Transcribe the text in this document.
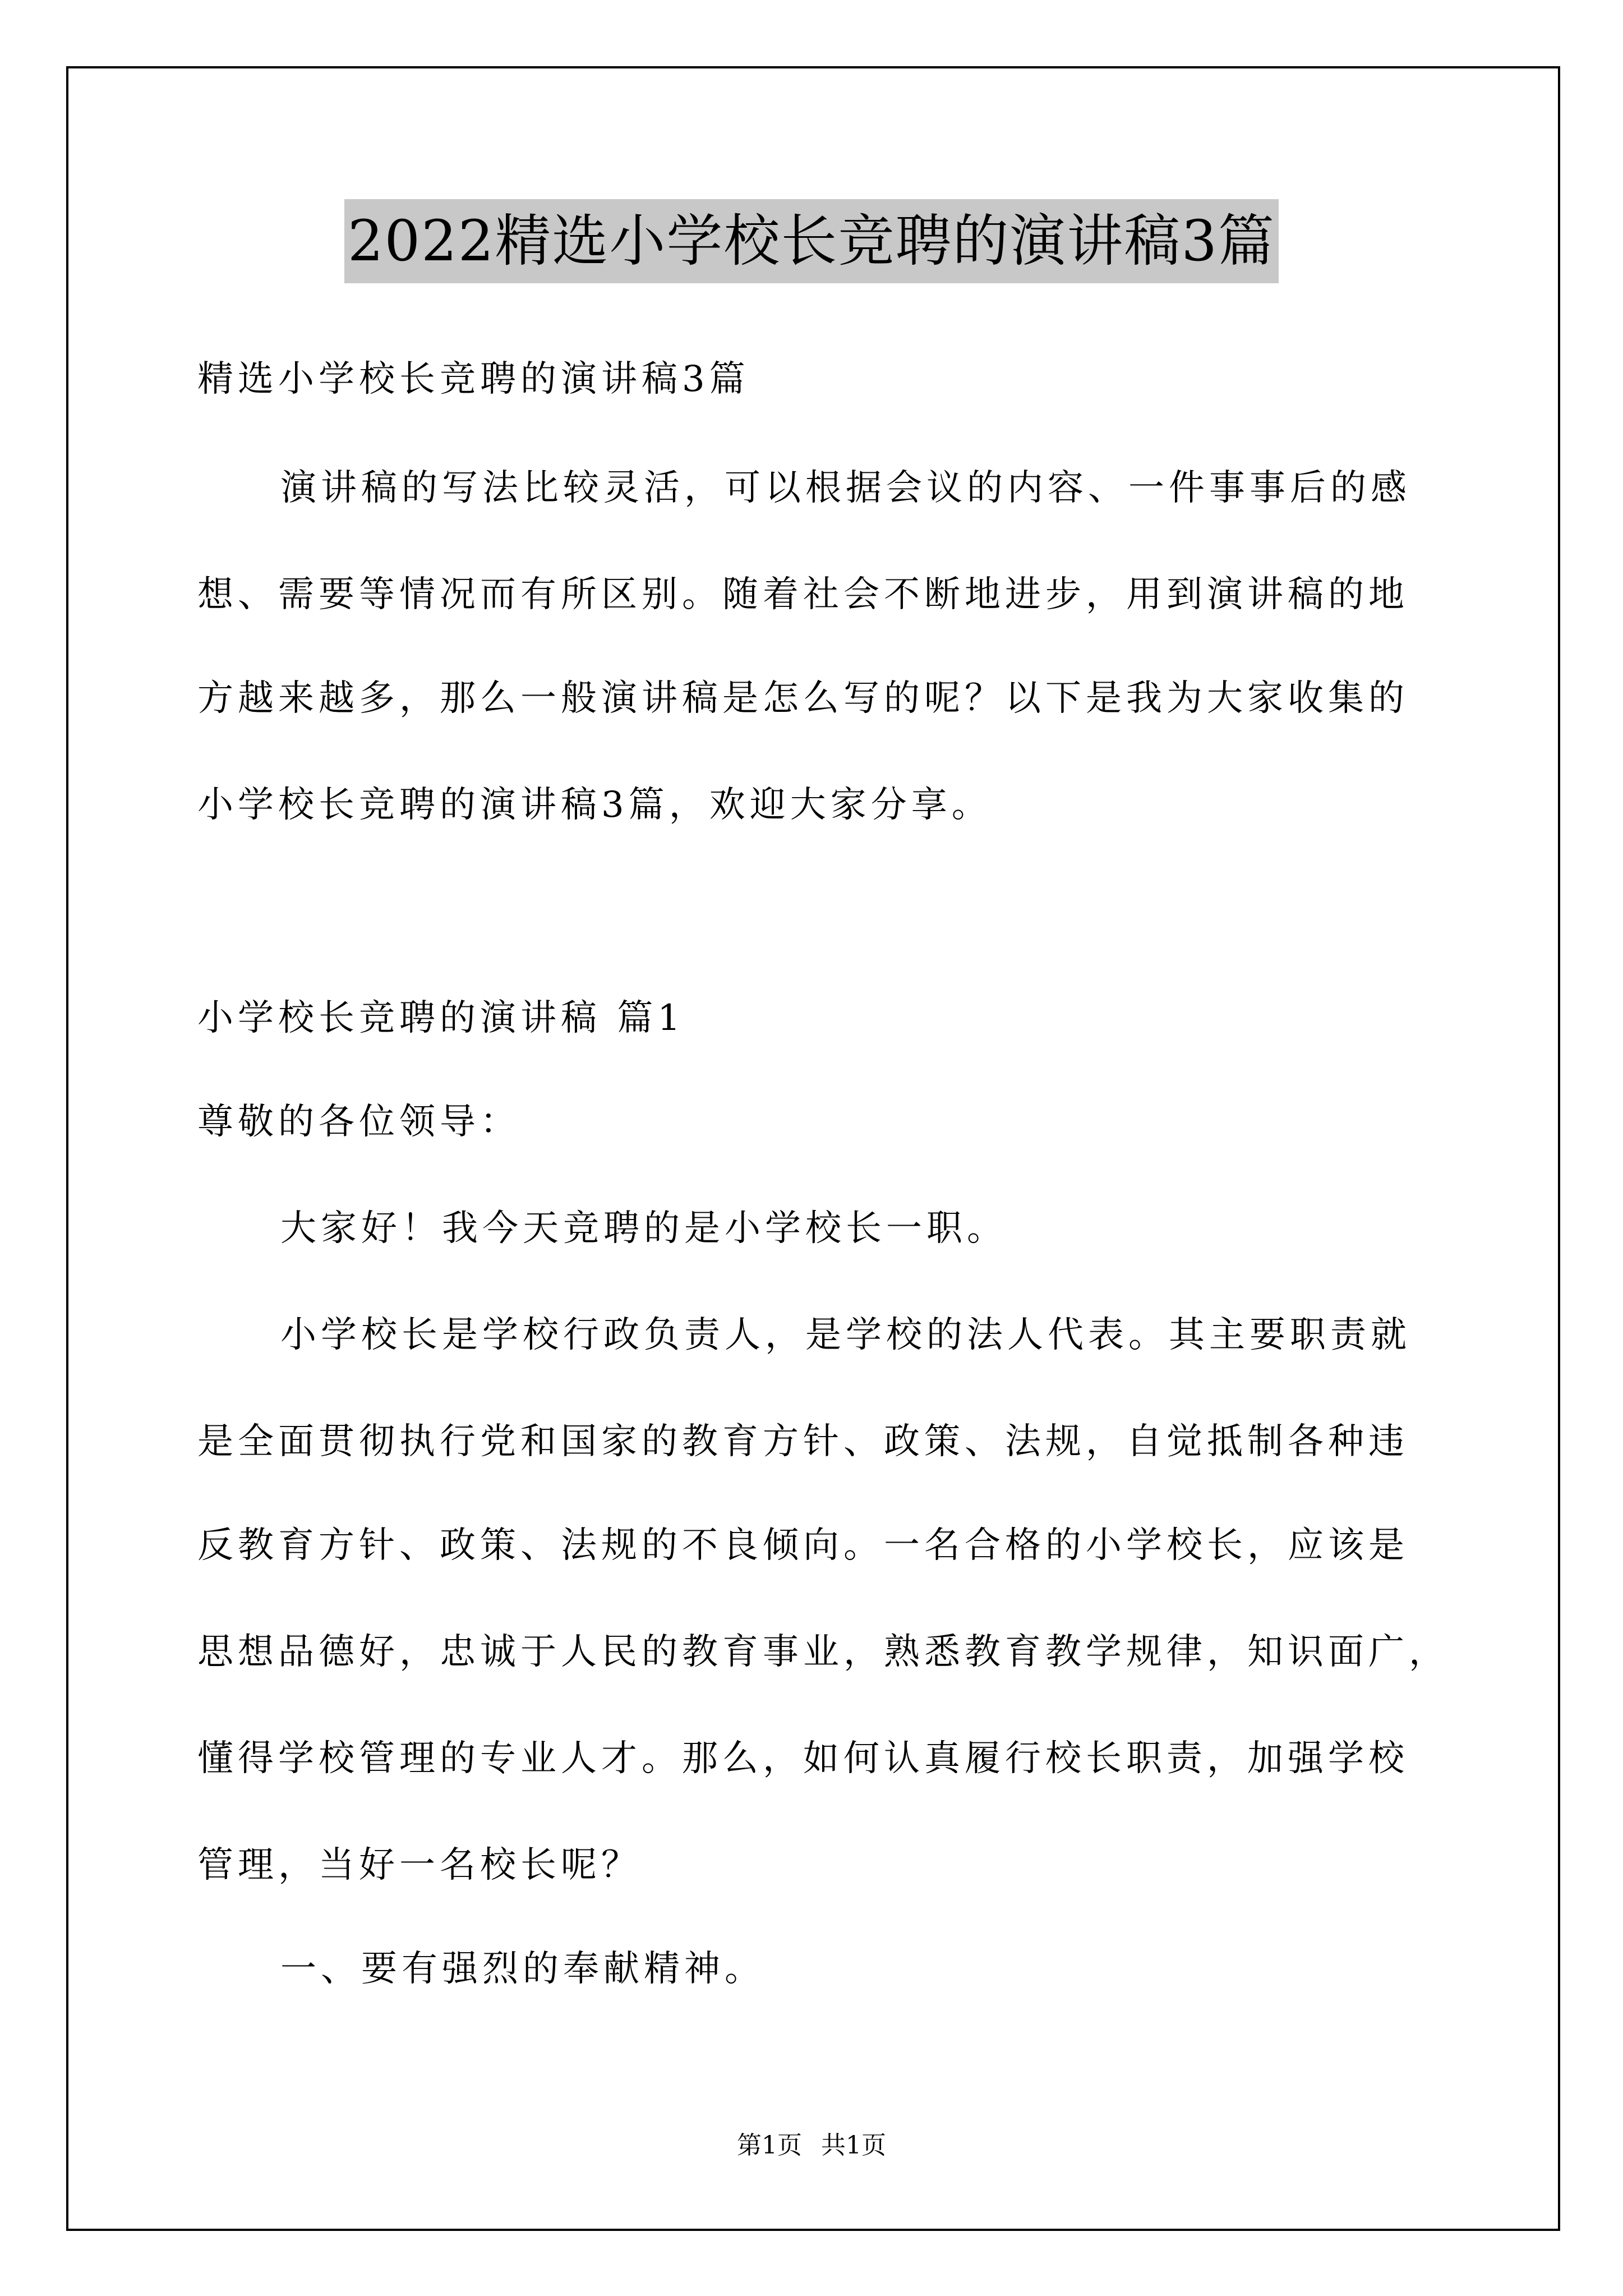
2022精选小学校长竞聘的演讲稿3篇
精选小学校长竞聘的演讲稿3篇
演讲稿的写法比较灵活，可以根据会议的内容、一件事事后的感
想、需要等情况而有所区别。随着社会不断地进步，用到演讲稿的地
方越来越多，那么一般演讲稿是怎么写的呢？以下是我为大家收集的
小学校长竞聘的演讲稿3篇，欢迎大家分享。
小学校长竞聘的演讲稿 篇1
尊敬的各位领导：
大家好！我今天竞聘的是小学校长一职。
小学校长是学校行政负责人，是学校的法人代表。其主要职责就
是全面贯彻执行党和国家的教育方针、政策、法规，自觉抵制各种违
反教育方针、政策、法规的不良倾向。一名合格的小学校长，应该是
思想品德好，忠诚于人民的教育事业，熟悉教育教学规律，知识面广，
懂得学校管理的专业人才。那么，如何认真履行校长职责，加强学校
管理，当好一名校长呢？
一、要有强烈的奉献精神。
第1页 共1页
